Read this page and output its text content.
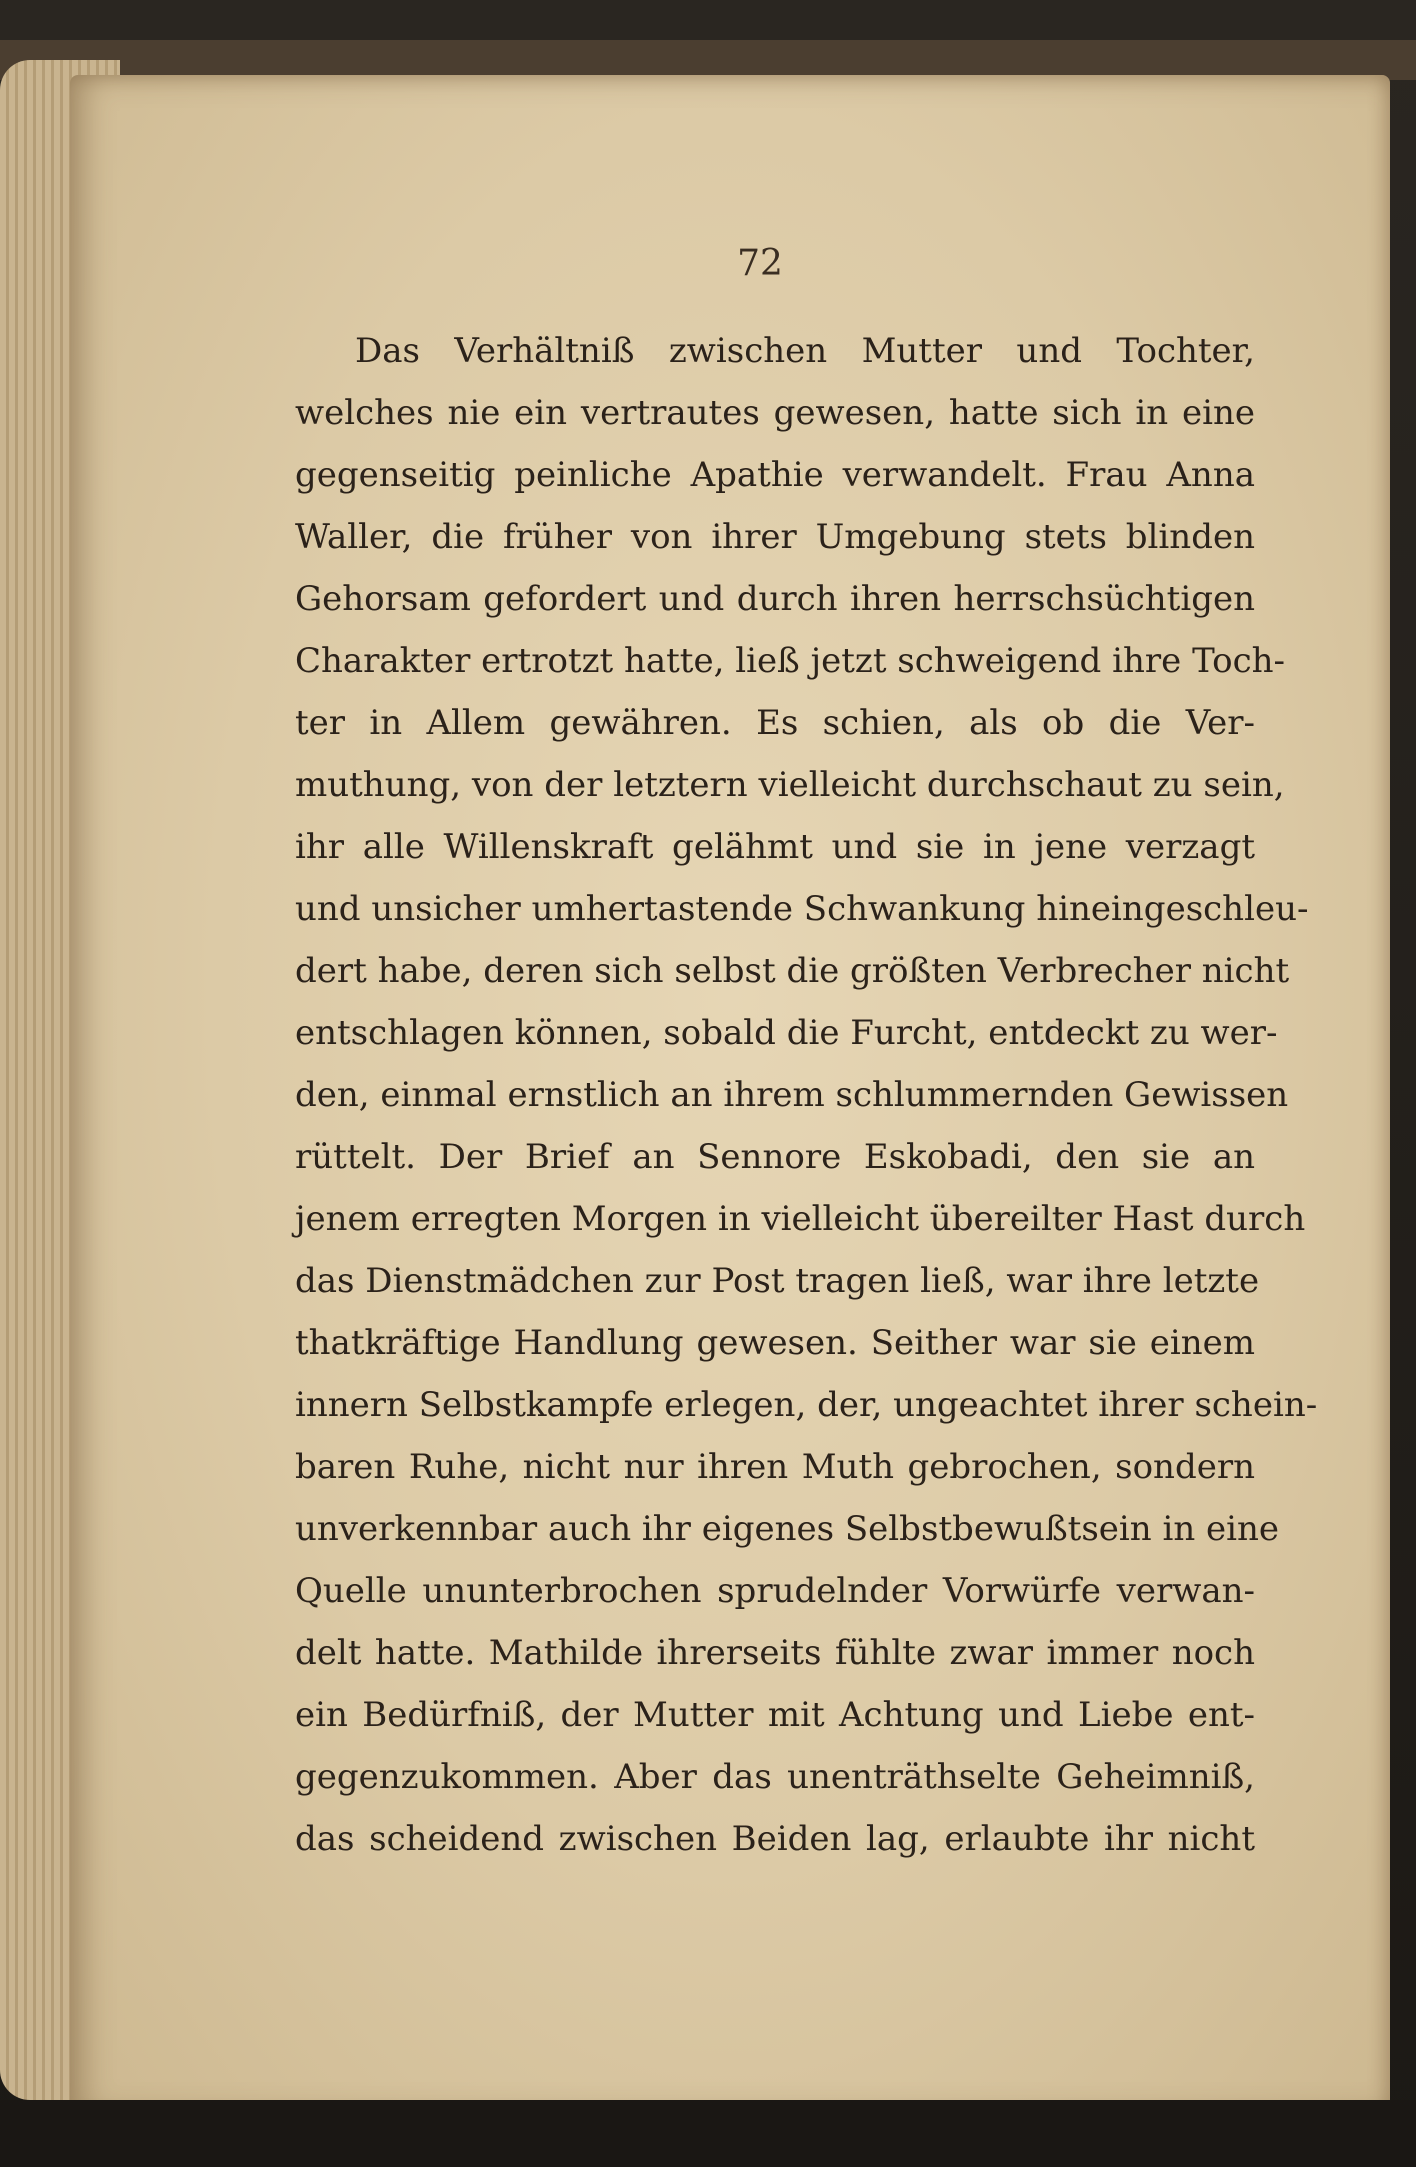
72
Das Verhältniß zwischen Mutter und Tochter,
welches nie ein vertrautes gewesen, hatte sich in eine
gegenseitig peinliche Apathie verwandelt. Frau Anna
Waller, die früher von ihrer Umgebung stets blinden
Gehorsam gefordert und durch ihren herrschsüchtigen
Charakter ertrotzt hatte, ließ jetzt schweigend ihre Toch-
ter in Allem gewähren. Es schien, als ob die Ver-
muthung, von der letztern vielleicht durchschaut zu sein,
ihr alle Willenskraft gelähmt und sie in jene verzagt
und unsicher umhertastende Schwankung hineingeschleu-
dert habe, deren sich selbst die größten Verbrecher nicht
entschlagen können, sobald die Furcht, entdeckt zu wer-
den, einmal ernstlich an ihrem schlummernden Gewissen
rüttelt. Der Brief an Sennore Eskobadi, den sie an
jenem erregten Morgen in vielleicht übereilter Hast durch
das Dienstmädchen zur Post tragen ließ, war ihre letzte
thatkräftige Handlung gewesen. Seither war sie einem
innern Selbstkampfe erlegen, der, ungeachtet ihrer schein-
baren Ruhe, nicht nur ihren Muth gebrochen, sondern
unverkennbar auch ihr eigenes Selbstbewußtsein in eine
Quelle ununterbrochen sprudelnder Vorwürfe verwan-
delt hatte. Mathilde ihrerseits fühlte zwar immer noch
ein Bedürfniß, der Mutter mit Achtung und Liebe ent-
gegenzukommen. Aber das unenträthselte Geheimniß,
das scheidend zwischen Beiden lag, erlaubte ihr nicht
